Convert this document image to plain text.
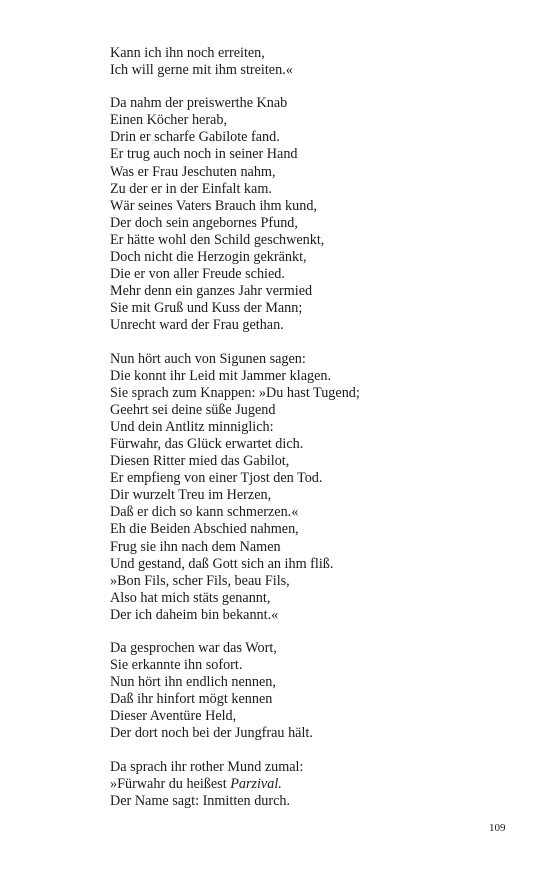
Kann ich ihn noch erreiten,
Ich will gerne mit ihm streiten.«
Da nahm der preiswerthe Knab
Einen Köcher herab,
Drin er scharfe Gabilote fand.
Er trug auch noch in seiner Hand
Was er Frau Jeschuten nahm,
Zu der er in der Einfalt kam.
Wär seines Vaters Brauch ihm kund,
Der doch sein angebornes Pfund,
Er hätte wohl den Schild geschwenkt,
Doch nicht die Herzogin gekränkt,
Die er von aller Freude schied.
Mehr denn ein ganzes Jahr vermied
Sie mit Gruß und Kuss der Mann;
Unrecht ward der Frau gethan.
Nun hört auch von Sigunen sagen:
Die konnt ihr Leid mit Jammer klagen.
Sie sprach zum Knappen: »Du hast Tugend;
Geehrt sei deine süße Jugend
Und dein Antlitz minniglich:
Fürwahr, das Glück erwartet dich.
Diesen Ritter mied das Gabilot,
Er empfieng von einer Tjost den Tod.
Dir wurzelt Treu im Herzen,
Daß er dich so kann schmerzen.«
Eh die Beiden Abschied nahmen,
Frug sie ihn nach dem Namen
Und gestand, daß Gott sich an ihm fliß.
»Bon Fils, scher Fils, beau Fils,
Also hat mich stäts genannt,
Der ich daheim bin bekannt.«
Da gesprochen war das Wort,
Sie erkannte ihn sofort.
Nun hört ihn endlich nennen,
Daß ihr hinfort mögt kennen
Dieser Aventüre Held,
Der dort noch bei der Jungfrau hält.
Da sprach ihr rother Mund zumal:
»Fürwahr du heißest Parzival.
Der Name sagt: Inmitten durch.
109
